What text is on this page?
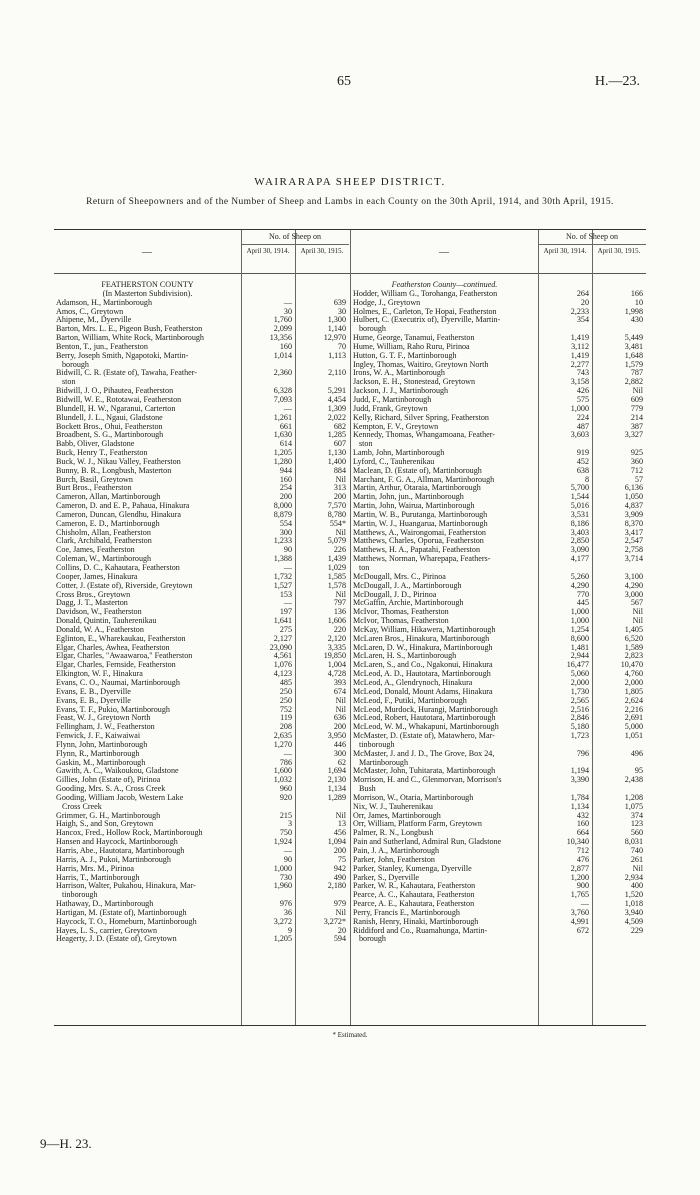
65	H.—23.
WAIRARAPA SHEEP DISTRICT.
Return of Sheepowners and of the Number of Sheep and Lambs in each County on the 30th April, 1914, and 30th April, 1915.
—
No. of Sheep on
April 30, 1914.	April 30, 1915.
FEATHERSTON COUNTY
(In Masterton Subdivision).
Adamson, H., Martinborough	—	639
Amos, C., Greytown	30	30
Ahipene, M., Dyerville	1,760	1,300
Barton, Mrs. L. E., Pigeon Bush, Featherston	2,099	1,140
Barton, William, White Rock, Martinborough	13,356	12,970
Benton, T., jun., Featherston	160	70
Berry, Joseph Smith, Ngapotoki, Martin-	1,014	1,113
borough
Bidwill, C. R. (Estate of), Tawaha, Feather-	2,360	2,110
ston
Bidwill, J. O., Pihautea, Featherston	6,328	5,291
Bidwill, W. E., Rototawai, Featherston	7,093	4,454
Blundell, H. W., Ngaranui, Carterton	—	1,309
Blundell, J. L., Ngaui, Gladstone	1,261	2,022
Bockett Bros., Ohui, Featherston	661	682
Broadbent, S. G., Martinborough	1,630	1,285
Babb, Oliver, Gladstone	614	607
Buck, Henry T., Featherston	1,205	1,130
Buck, W. J., Nikau Valley, Featherston	1,280	1,400
Bunny, B. R., Longbush, Masterton	944	884
Burch, Basil, Greytown	160	Nil
Burt Bros., Featherston	254	313
Cameron, Allan, Martinborough	200	200
Cameron, D. and E. P., Pahaua, Hinakura	8,000	7,570
Cameron, Duncan, Glendhu, Hinakura	8,879	8,780
Cameron, E. D., Martinborough	554	554*
Chisholm, Allan, Featherston	300	Nil
Clark, Archibald, Featherston	1,233	5,079
Coe, James, Featherston	90	226
Coleman, W., Martinborough	1,388	1,439
Collins, D. C., Kahautara, Featherston	—	1,029
Cooper, James, Hinakura	1,732	1,585
Cotter, J. (Estate of), Riverside, Greytown	1,527	1,578
Cross Bros., Greytown	153	Nil
Dagg, J. T., Masterton	—	797
Davidson, W., Featherston	197	136
Donald, Quintin, Tauherenikau	1,641	1,606
Donald, W. A., Featherston	275	220
Eglinton, E., Wharekaukau, Featherston	2,127	2,120
Elgar, Charles, Awhea, Featherston	23,090	3,335
Elgar, Charles, "Awaawaroa," Featherston	4,561	19,850
Elgar, Charles, Fernside, Featherston	1,076	1,004
Elkington, W. F., Hinakura	4,123	4,728
Evans, C. O., Naumai, Martinborough	485	393
Evans, E. B., Dyerville	250	674
Evans, E. B., Dyerville	250	Nil
Evans, T. F., Pukio, Martinborough	752	Nil
Feast, W. J., Greytown North	119	636
Fellingham, J. W., Featherston	208	200
Fenwick, J. F., Kaiwaiwai	2,635	3,950
Flynn, John, Martinborough	1,270	446
Flynn, R., Martinborough	—	300
Gaskin, M., Martinborough	786	62
Gawith, A. C., Waikoukou, Gladstone	1,600	1,694
Gillies, John (Estate of), Pirinoa	1,032	2,130
Gooding, Mrs. S. A., Cross Creek	960	1,134
Gooding, William Jacob, Western Lake	920	1,289
Cross Creek
Grimmer, G. H., Martinborough	215	Nil
Haigh, S., and Son, Greytown	3	13
Hancox, Fred., Hollow Rock, Martinborough	750	456
Hansen and Haycock, Martinborough	1,924	1,094
Harris, Abe., Hautotara, Martinborough	—	200
Harris, A. J., Pukoi, Martinborough	90	75
Harris, Mrs. M., Pirinoa	1,000	942
Harris, T., Martinborough	730	490
Harrison, Walter, Pukahou, Hinakura, Mar-	1,960	2,180
tinborough
Hathaway, D., Martinborough	976	979
Hartigan, M. (Estate of), Martinborough	36	Nil
Haycock, T. O., Homeburn, Martinborough	3,272	3,272*
Hayes, L. S., carrier, Greytown	9	20
Heagerty, J. D. (Estate of), Greytown	1,205	594
—
No. of Sheep on
April 30, 1914.	April 30, 1915.
Featherston County—continued.
Hodder, William G., Torohanga, Featherston	264	166
Hodge, J., Greytown	20	10
Holmes, E., Carleton, Te Hopai, Featherston	2,233	1,998
Hulbert, C. (Executrix of), Dyerville, Martin-	354	430
borough
Hume, George, Tanamui, Featherston	1,419	5,449
Hume, William, Raho Ruru, Pirinoa	3,112	3,481
Hutton, G. T. F., Martinborough	1,419	1,648
Ingley, Thomas, Waitiro, Greytown North	2,277	1,579
Irons, W. A., Martinborough	743	787
Jackson, E. H., Stonestead, Greytown	3,158	2,882
Jackson, J. J., Martinborough	426	Nil
Judd, F., Martinborough	575	609
Judd, Frank, Greytown	1,000	779
Kelly, Richard, Silver Spring, Featherston	224	214
Kempton, F. V., Greytown	487	387
Kennedy, Thomas, Whangamoana, Feather-	3,603	3,327
ston
Lamb, John, Martinborough	919	925
Lyford, C., Tauherenikau	452	360
Maclean, D. (Estate of), Martinborough	638	712
Marchant, F. G. A., Allman, Martinborough	8	57
Martin, Arthur, Otaraia, Martinborough	5,700	6,136
Martin, John, jun., Martinborough	1,544	1,050
Martin, John, Wairua, Martinborough	5,016	4,837
Martin, W. B., Purutanga, Martinborough	3,531	3,909
Martin, W. J., Huangarua, Martinborough	8,186	8,370
Matthews, A., Wairongomai, Featherston	3,403	3,417
Matthews, Charles, Oporua, Featherston	2,850	2,547
Matthews, H. A., Papatahi, Featherston	3,090	2,758
Matthews, Norman, Wharepapa, Feathers-	4,177	3,714
ton
McDougall, Mrs. C., Pirinoa	5,260	3,100
McDougall, J. A., Martinborough	4,290	4,290
McDougall, J. D., Pirinoa	770	3,000
McGaffin, Archie, Martinborough	445	567
McIvor, Thomas, Featherston	1,000	Nil
McIvor, Thomas, Featherston	1,000	Nil
McKay, William, Hikawera, Martinborough	1,254	1,405
McLaren Bros., Hinakura, Martinborough	8,600	6,520
McLaren, D. W., Hinakura, Martinborough	1,481	1,589
McLaren, H. S., Martinborough	2,944	2,823
McLaren, S., and Co., Ngakonui, Hinakura	16,477	10,470
McLeod, A. D., Hautotara, Martinborough	5,060	4,760
McLeod, A., Glendrynoch, Hinakura	2,000	2,000
McLeod, Donald, Mount Adams, Hinakura	1,730	1,805
McLeod, F., Putiki, Martinborough	2,565	2,624
McLeod, Murdock, Hurangi, Martinborough	2,516	2,216
McLeod, Robert, Hautotara, Martinborough	2,846	2,691
McLeod, W. M., Whakapuni, Martinborough	5,180	5,000
McMaster, D. (Estate of), Matawhero, Mar-	1,723	1,051
tinborough
McMaster, J. and J. D., The Grove, Box 24,	796	496
Martinborough
McMaster, John, Tuhitarata, Martinborough	1,194	95
Morrison, H. and C., Glenmorvan, Morrison's	3,390	2,438
Bush
Morrison, W., Otaria, Martinborough	1,784	1,208
Nix, W. J., Tauherenikau	1,134	1,075
Orr, James, Martinborough	432	374
Orr, William, Platform Farm, Greytown	160	123
Palmer, R. N., Longbush	664	560
Pain and Sutherland, Admiral Run, Gladstone	10,340	8,031
Pain, J. A., Martinborough	712	740
Parker, John, Featherston	476	261
Parker, Stanley, Kumenga, Dyerville	2,877	Nil
Parker, S., Dyerville	1,200	2,934
Parker, W. R., Kahautara, Featherston	900	400
Pearce, A. C., Kahautara, Featherston	1,765	1,520
Pearce, A. E., Kahautara, Featherston	—	1,018
Perry, Francis E., Martinborough	3,760	3,940
Ranish, Henry, Hinaki, Martinborough	4,991	4,509
Riddiford and Co., Ruamahunga, Martin-	672	229
borough
* Estimated.
9—H. 23.
